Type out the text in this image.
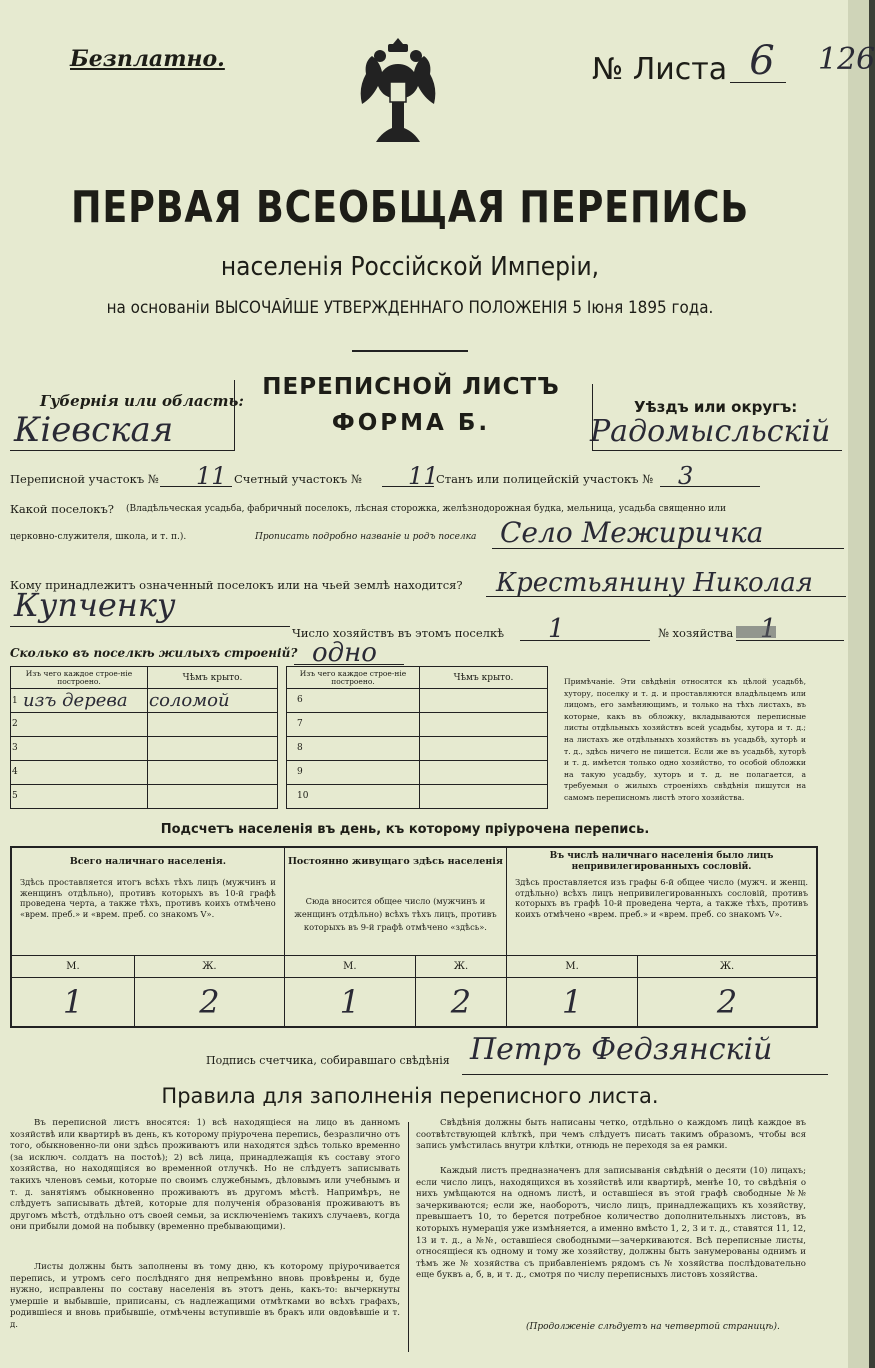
Безплатно.	№ Листа 6 126
ПЕРВАЯ ВСЕОБЩАЯ ПЕРЕПИСЬ
населенія Россійской Имперіи,
на основаніи ВЫСОЧАЙШЕ УТВЕРЖДЕННАГО ПОЛОЖЕНІЯ 5 Іюня 1895 года.
ПЕРЕПИСНОЙ ЛИСТЪ
ФОРМА Б.
Губернія или область:
Кіевская
Уѣздъ или округъ:
Радомысльскій
Переписной участокъ № 11 Счетный участокъ № 11
Станъ или полицейскій участокъ № 3
Какой поселокъ? (Владѣльческая усадьба, фабричный поселокъ, лѣсная сторожка, желѣзнодорожная будка, мельница, усадьба священно или
церковно-служителя, школа, и т. п.).	Прописать подробно названіе и родъ поселка Село Межиричка
Кому принадлежитъ означенный поселокъ или на чьей землѣ находится? Крестьянину Николая
Купченку
Число хозяйствъ въ этомъ поселкѣ 1	№ хозяйства
Сколько въ поселкѣ жилыхъ строеній? одно
Изъ чего каждое строе-ніе построено.	Чѣмъ крыто.
1 изъ дерева	соломой
2	
3	
4	
5	
Изъ чего каждое строе-ніе построено.	Чѣмъ крыто.
6	
7	
8	
9	
10	
Примѣчаніе. Эти свѣдѣнія относятся къ цѣлой усадьбѣ, хутору, поселку и т. д. и проставляются владѣльцемъ или лицомъ, его замѣняющимъ, и только на тѣхъ листахъ, въ которые, какъ въ обложку, вкладываются переписные листы отдѣльныхъ хозяйствъ всей усадьбы, хутора и т. д.; на листахъ же отдѣльныхъ хозяйствъ въ усадьбѣ, хуторѣ и т. д., здѣсь ничего не пишется. Если же въ усадьбѣ, хуторѣ и т. д. имѣется только одно хозяйство, то особой обложки на такую усадьбу, хуторъ и т. д. не полагается, а требуемыя о жилыхъ строеніяхъ свѣдѣнія пишутся на самомъ переписномъ листѣ этого хозяйства.
Подсчетъ населенія въ день, къ которому пріурочена перепись.
Всего наличнаго населенія.		Постоянно живущаго здѣсь населенія		Въ числѣ наличнаго населенія было лицъ непривилегированныхъ сословій.	
Здѣсь проставляется итогъ всѣхъ тѣхъ лицъ (мужчинъ и женщинъ отдѣльно), противъ которыхъ въ 10-й графѣ проведена черта, а также тѣхъ, противъ коихъ отмѣчено «врем. преб.» и «врем. преб. со знакомъ V».		Сюда вносится общее число (мужчинъ и женщинъ отдѣльно) всѣхъ тѣхъ лицъ, противъ которыхъ въ 9-й графѣ отмѣчено «здѣсь».		Здѣсь проставляется изъ графы 6-й общее число (мужч. и женщ. отдѣльно) всѣхъ лицъ непривилегированныхъ сословій, противъ которыхъ въ графѣ 10-й проведена черта, а также тѣхъ, противъ коихъ отмѣчено «врем. преб.» и «врем. преб. со знакомъ V».	
М.	Ж.	М.	Ж.	М.	Ж.
1	2	1	2	1	2
Подпись счетчика, собиравшаго свѣдѣнія Петръ Федзянскій
Правила для заполненія переписного листа.
Въ переписной листъ вносятся: 1) всѣ находящіеся на лицо въ данномъ хозяйствѣ или квартирѣ въ день, къ которому пріурочена перепись, безразлично отъ того, обыкновенно-ли они здѣсь проживаютъ или находятся здѣсь только временно (за исключ. солдатъ на постоѣ); 2) всѣ лица, принадлежащія къ составу этого хозяйства, но находящіяся во временной отлучкѣ. Но не слѣдуетъ записывать такихъ членовъ семьи, которые по своимъ служебнымъ, дѣловымъ или учебнымъ и т. д. занятіямъ обыкновенно проживаютъ въ другомъ мѣстѣ. Напримѣръ, не слѣдуетъ записывать дѣтей, которые для полученія образованія проживаютъ въ другомъ мѣстѣ, отдѣльно отъ своей семьи, за исключеніемъ такихъ случаевъ, когда они прибыли домой на побывку (временно пребывающими).
Листы должны быть заполнены въ тому дню, къ которому пріурочивается перепись, и утромъ сего послѣдняго дня непремѣнно вновь провѣрены и, буде нужно, исправлены по составу населенія въ этотъ день, какъ-то: вычеркнуты умершіе и выбывшіе, приписаны, съ надлежащими отмѣтками во всѣхъ графахъ, родившіеся и вновь прибывшіе, отмѣчены вступившіе въ бракъ или овдовѣвшіе и т. д.
Свѣдѣнія должны быть написаны четко, отдѣльно о каждомъ лицѣ каждое въ соотвѣтствующей клѣткѣ, при чемъ слѣдуетъ писать такимъ образомъ, чтобы вся запись умѣстилась внутри клѣтки, отнюдь не переходя за ея рамки.
Каждый листъ предназначенъ для записыванія свѣдѣній о десяти (10) лицахъ; если число лицъ, находящихся въ хозяйствѣ или квартирѣ, менѣе 10, то свѣдѣнія о нихъ умѣщаются на одномъ листѣ, и оставшіеся въ этой графѣ свободные №№ зачеркиваются; если же, наоборотъ, число лицъ, принадлежащихъ къ хозяйству, превышаетъ 10, то берется потребное количество дополнительныхъ листовъ, въ которыхъ нумерація уже измѣняется, а именно вмѣсто 1, 2, 3 и т. д., ставятся 11, 12, 13 и т. д., а №№, оставшіеся свободными—зачеркиваются. Всѣ переписные листы, относящіеся къ одному и тому же хозяйству, должны быть занумерованы однимъ и тѣмъ же № хозяйства съ прибавленіемъ рядомъ съ № хозяйства послѣдовательно еще буквъ а, б, в, и т. д., смотря по числу переписныхъ листовъ хозяйства.
(Продолженіе слѣдуетъ на четвертой страницѣ).
